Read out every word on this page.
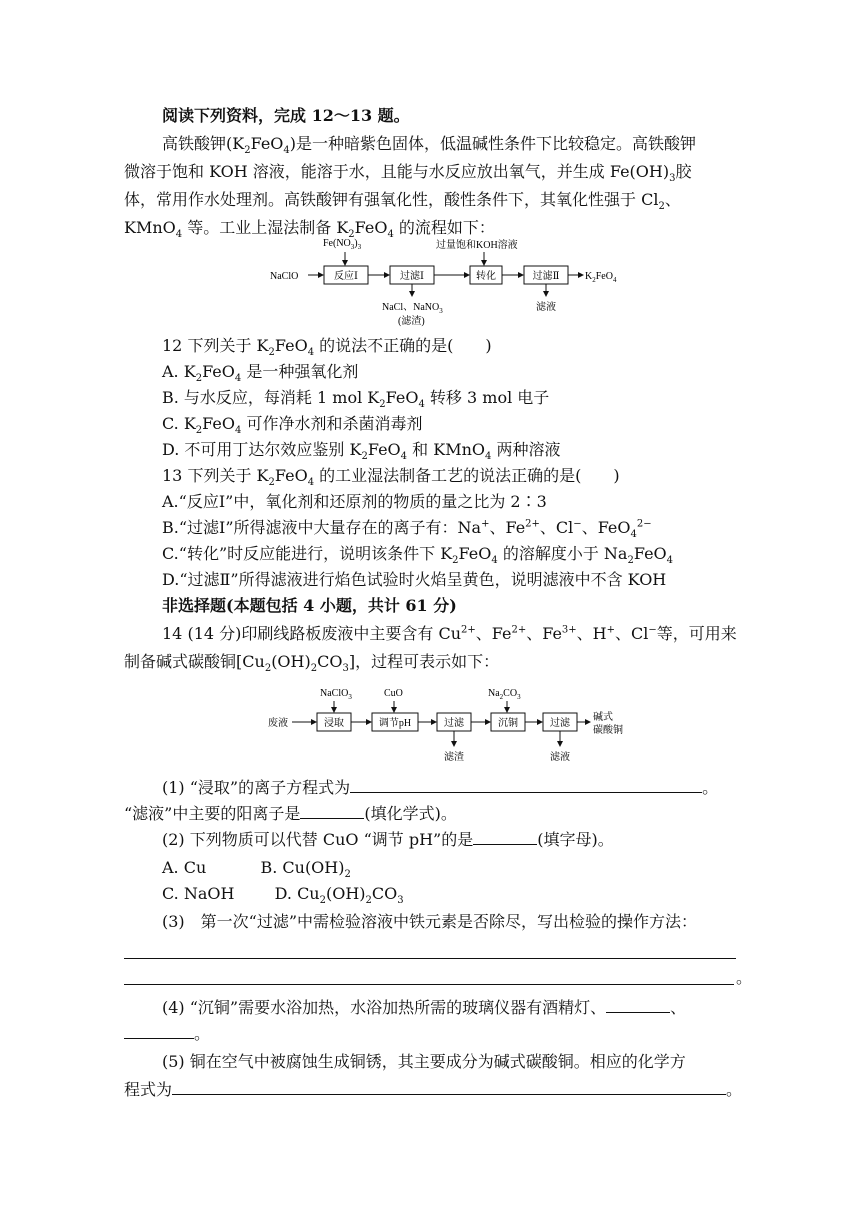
阅读下列资料，完成 12～13 题。
高铁酸钾$(K_2FeO_4)$是一种暗紫色固体，低温碱性条件下比较稳定。高铁酸钾
微溶于饱和 KOH 溶液，能溶于水，且能与水反应放出氧气，并生成 $Fe(OH)_3$胶
体，常用作水处理剂。高铁酸钾有强氧化性，酸性条件下，其氧化性强于 $Cl_2$、
KMnO$_4$ 等。工业上湿法制备 $K_2FeO_4$ 的流程如下：
NaClO
$Fe(NO_3)_3$
反应Ⅰ	过滤Ⅰ
NaCl、NaNO$_3$
(滤渣)
过量饱和KOH溶液
转化	过滤Ⅱ
滤液
$K_2FeO_4$
12 下列关于 $K_2FeO_4$ 的说法不正确的是(　　)
A. $K_2FeO_4$ 是一种强氧化剂
B. 与水反应，每消耗 1 mol $K_2FeO_4$ 转移 3 mol 电子
C. $K_2FeO_4$ 可作净水剂和杀菌消毒剂
D. 不可用丁达尔效应鉴别 $K_2FeO_4$ 和 KMnO$_4$ 两种溶液
13 下列关于 $K_2FeO_4$ 的工业湿法制备工艺的说法正确的是(　　)
A.“反应Ⅰ”中，氧化剂和还原剂的物质的量之比为 2∶3
B.“过滤Ⅰ”所得滤液中大量存在的离子有：Na+、$Fe^{2+}$、Cl−、FeO$_4^{2-}$
C.“转化”时反应能进行，说明该条件下 $K_2FeO_4$ 的溶解度小于 $Na_2FeO_4$
D.“过滤Ⅱ”所得滤液进行焰色试验时火焰呈黄色，说明滤液中不含 KOH
非选择题(本题包括 4 小题，共计 61 分)
14 (14 分)印刷线路板废液中主要含有 $Cu^{2+}$、$Fe^{2+}$、$Fe^{3+}$、H+、Cl−等，可用来
制备碱式碳酸铜$[Cu_2(OH)_2CO_3]$，过程可表示如下：
废液
NaClO$_3$
浸取
CuO
调节pH	过滤
滤渣
$Na_2CO_3$
沉铜	过滤
滤液
碱式
碳酸铜
(1) “浸取”的离子方程式为	。
“滤液”中主要的阳离子是	(填化学式)。
(2) 下列物质可以代替 CuO “调节 pH”的是	(填字母)。
A. Cu	B. $Cu(OH)_2$
C. NaOH  D. $Cu_2(OH)_2CO_3$
(3)　第一次“过滤”中需检验溶液中铁元素是否除尽，写出检验的操作方法：
。
(4) “沉铜”需要水浴加热，水浴加热所需的玻璃仪器有酒精灯、	、
。
(5) 铜在空气中被腐蚀生成铜锈，其主要成分为碱式碳酸铜。相应的化学方
程式为	。
